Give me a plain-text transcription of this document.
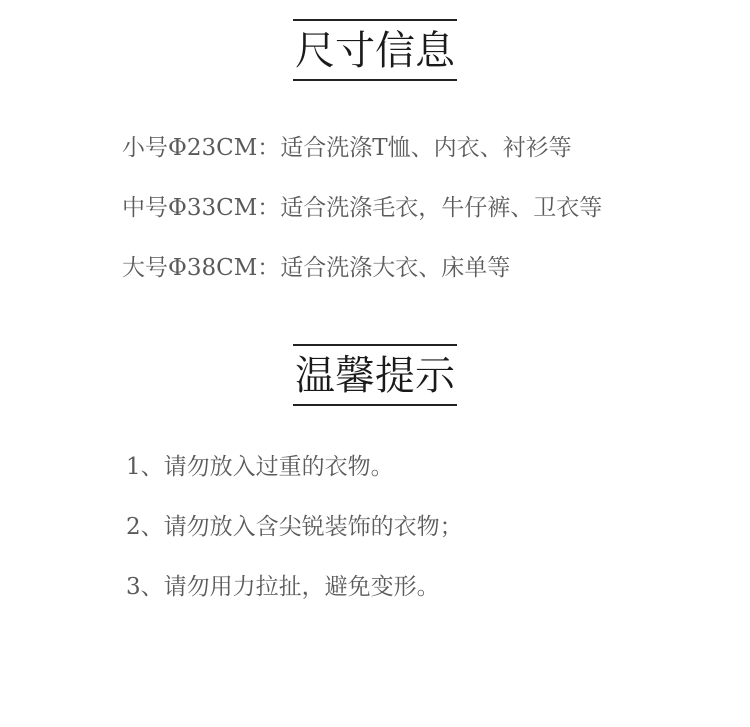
尺寸信息
小号Φ23CM：适合洗涤T恤、内衣、衬衫等
中号Φ33CM：适合洗涤毛衣，牛仔裤、卫衣等
大号Φ38CM：适合洗涤大衣、床单等
温馨提示
1、请勿放入过重的衣物。
2、请勿放入含尖锐装饰的衣物；
3、请勿用力拉扯，避免变形。
